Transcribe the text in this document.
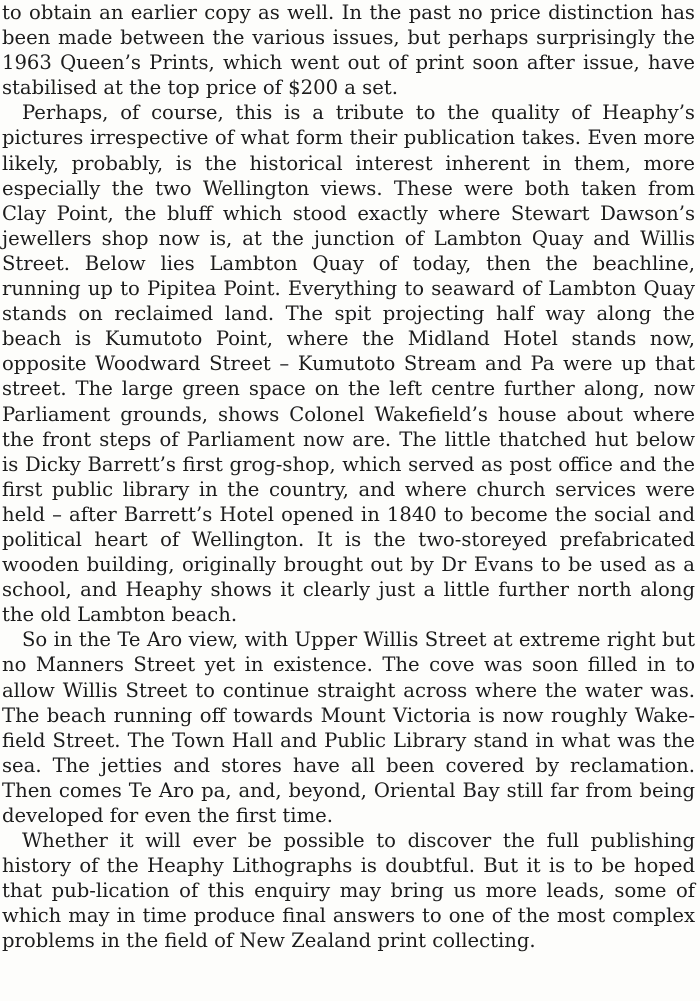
to obtain an earlier copy as well. In the past no price distinction has been made between the various issues, but perhaps surprisingly the 1963 Queen’s Prints, which went out of print soon after issue, have stabilised at the top price of $200 a set.

Perhaps, of course, this is a tribute to the quality of Heaphy’s pictures irrespective of what form their publication takes. Even more likely, probably, is the historical interest inherent in them, more especially the two Wellington views. These were both taken from Clay Point, the bluff which stood exactly where Stewart Dawson’s jewellers shop now is, at the junction of Lambton Quay and Willis Street. Below lies Lambton Quay of today, then the beachline, running up to Pipitea Point. Everything to seaward of Lambton Quay stands on reclaimed land. The spit projecting half way along the beach is Kumutoto Point, where the Midland Hotel stands now, opposite Woodward Street – Kumutoto Stream and Pa were up that street. The large green space on the left centre further along, now Parliament grounds, shows Colonel Wakefield’s house about where the front steps of Parliament now are. The little thatched hut below is Dicky Barrett’s first grog-shop, which served as post office and the first public library in the country, and where church services were held – after Barrett’s Hotel opened in 1840 to become the social and political heart of Wellington. It is the two-storeyed prefabricated wooden building, originally brought out by Dr Evans to be used as a school, and Heaphy shows it clearly just a little further north along the old Lambton beach.

So in the Te Aro view, with Upper Willis Street at extreme right but no Manners Street yet in existence. The cove was soon filled in to allow Willis Street to continue straight across where the water was. The beach running off towards Mount Victoria is now roughly Wake-field Street. The Town Hall and Public Library stand in what was the sea. The jetties and stores have all been covered by reclamation. Then comes Te Aro pa, and, beyond, Oriental Bay still far from being developed for even the first time.

Whether it will ever be possible to discover the full publishing history of the Heaphy Lithographs is doubtful. But it is to be hoped that pub-lication of this enquiry may bring us more leads, some of which may in time produce final answers to one of the most complex problems in the field of New Zealand print collecting.
